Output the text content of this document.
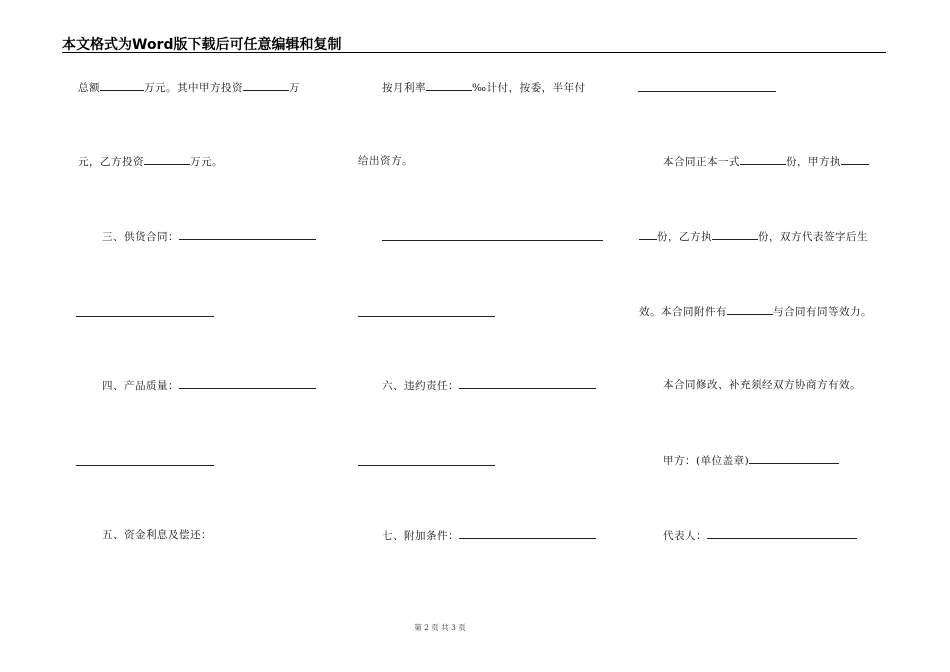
本文格式为Word版下载后可任意编辑和复制
总额	万元。其中甲方投资	万
元，乙方投资	万元。
三、供货合同：
四、产品质量：
五、资金利息及偿还：
按月利率	‰计付，按委，半年付
给出资方。
六、违约责任：
七、附加条件：
本合同正本一式	份，甲方执
份，乙方执	份，双方代表签字后生
效。本合同附件有	与合同有同等效力。
本合同修改、补充须经双方协商方有效。
甲方：(单位盖章)
代表人：
第 2 页 共 3 页
